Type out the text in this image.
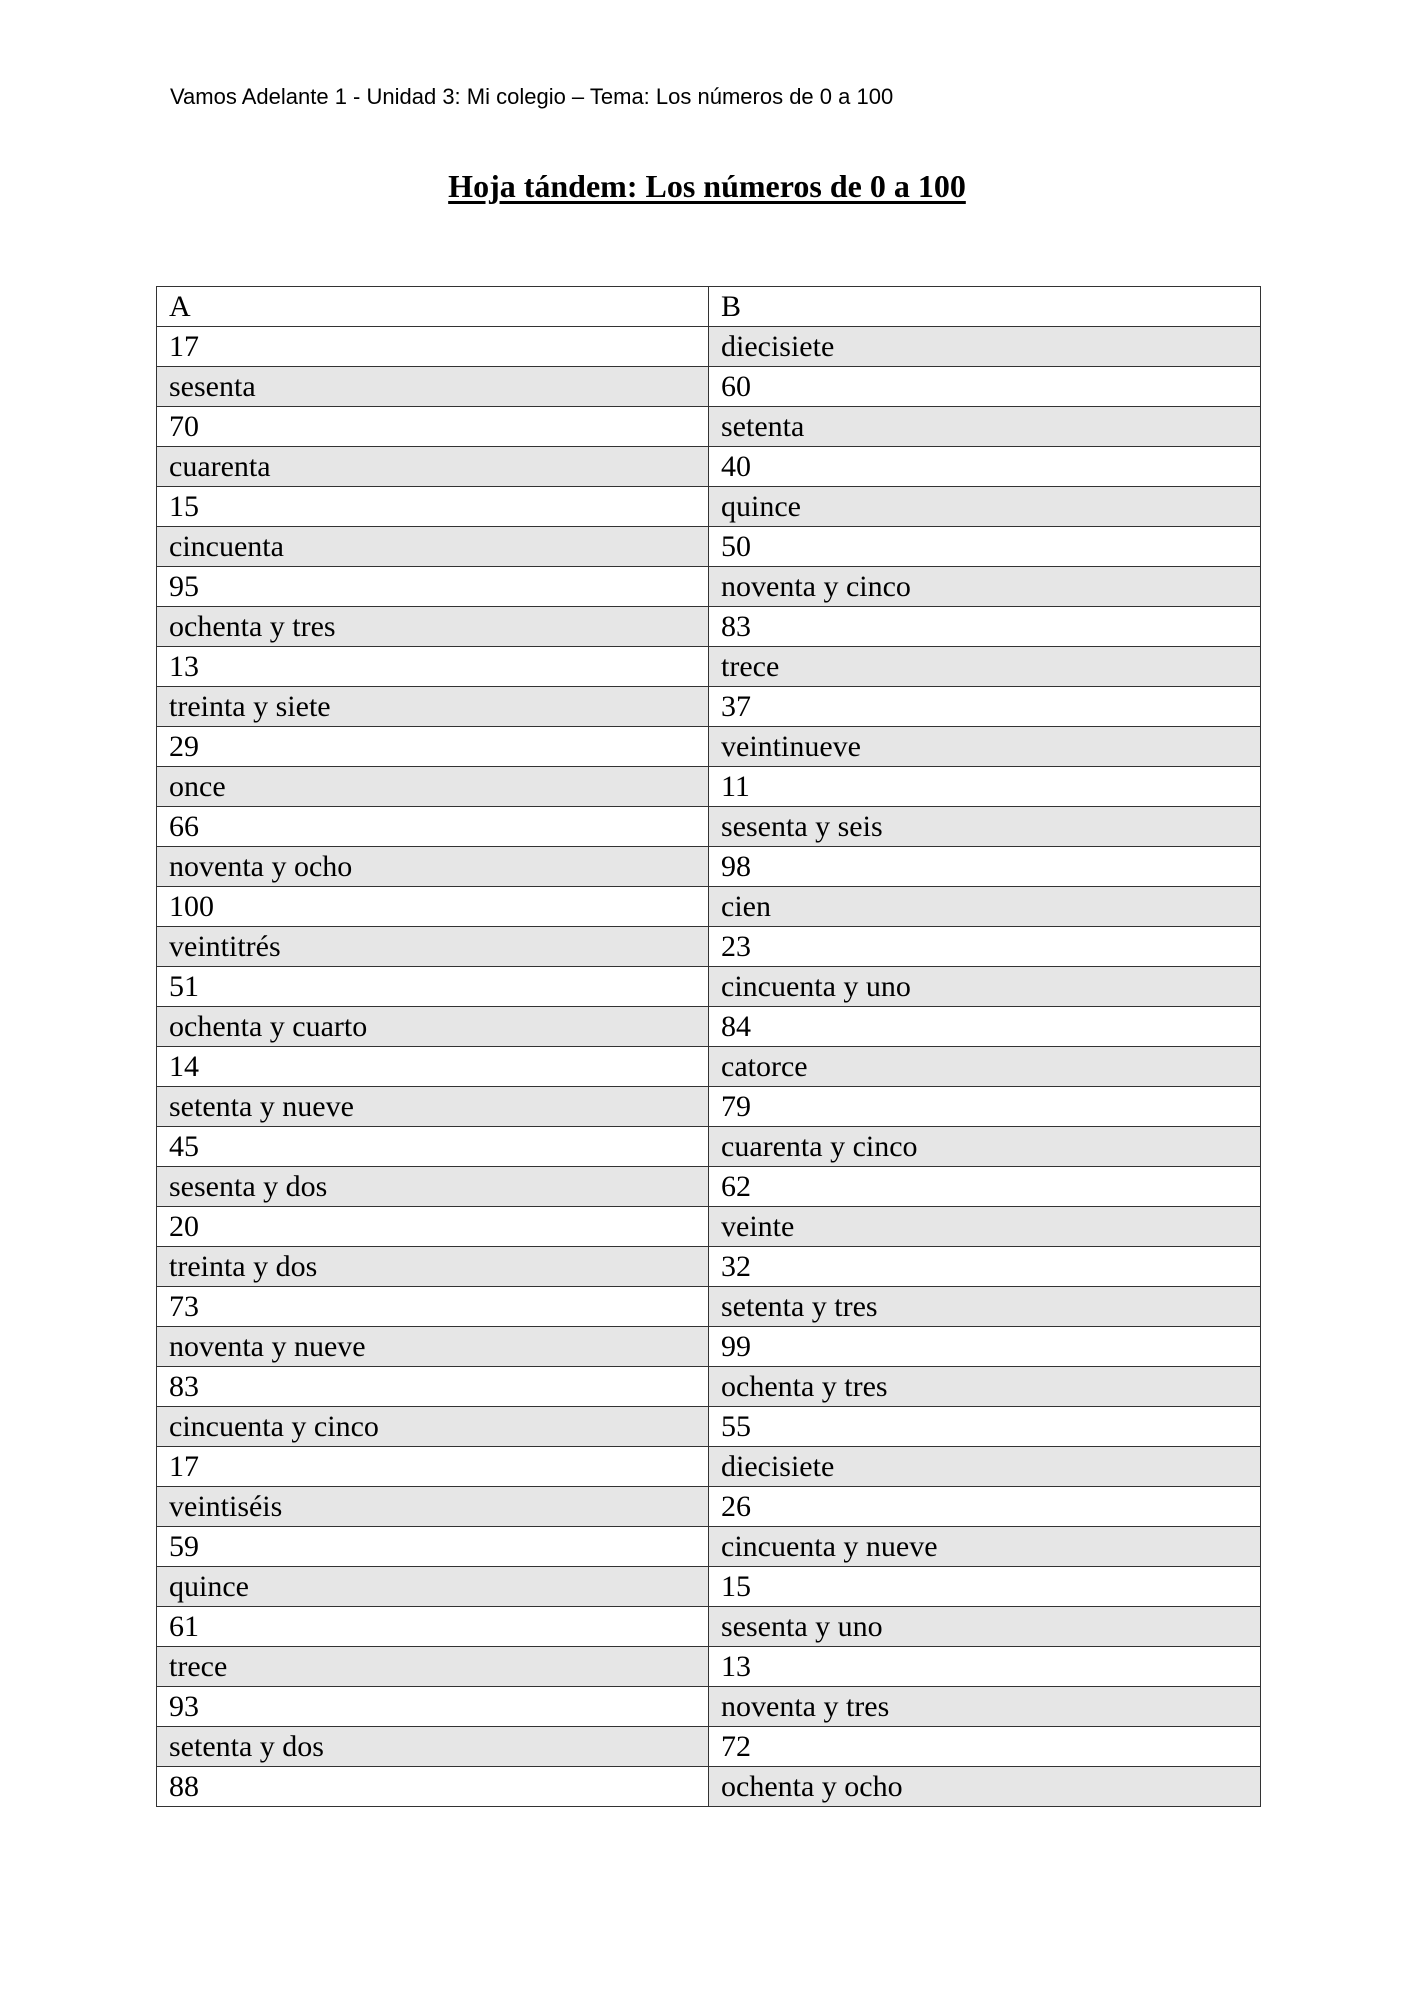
Vamos Adelante 1 - Unidad 3: Mi colegio – Tema: Los números de 0 a 100
Hoja tándem: Los números de 0 a 100
A	B
17	diecisiete
sesenta	60
70	setenta
cuarenta	40
15	quince
cincuenta	50
95	noventa y cinco
ochenta y tres	83
13	trece
treinta y siete	37
29	veintinueve
once	11
66	sesenta y seis
noventa y ocho	98
100	cien
veintitrés	23
51	cincuenta y uno
ochenta y cuarto	84
14	catorce
setenta y nueve	79
45	cuarenta y cinco
sesenta y dos	62
20	veinte
treinta y dos	32
73	setenta y tres
noventa y nueve	99
83	ochenta y tres
cincuenta y cinco	55
17	diecisiete
veintiséis	26
59	cincuenta y nueve
quince	15
61	sesenta y uno
trece	13
93	noventa y tres
setenta y dos	72
88	ochenta y ocho
